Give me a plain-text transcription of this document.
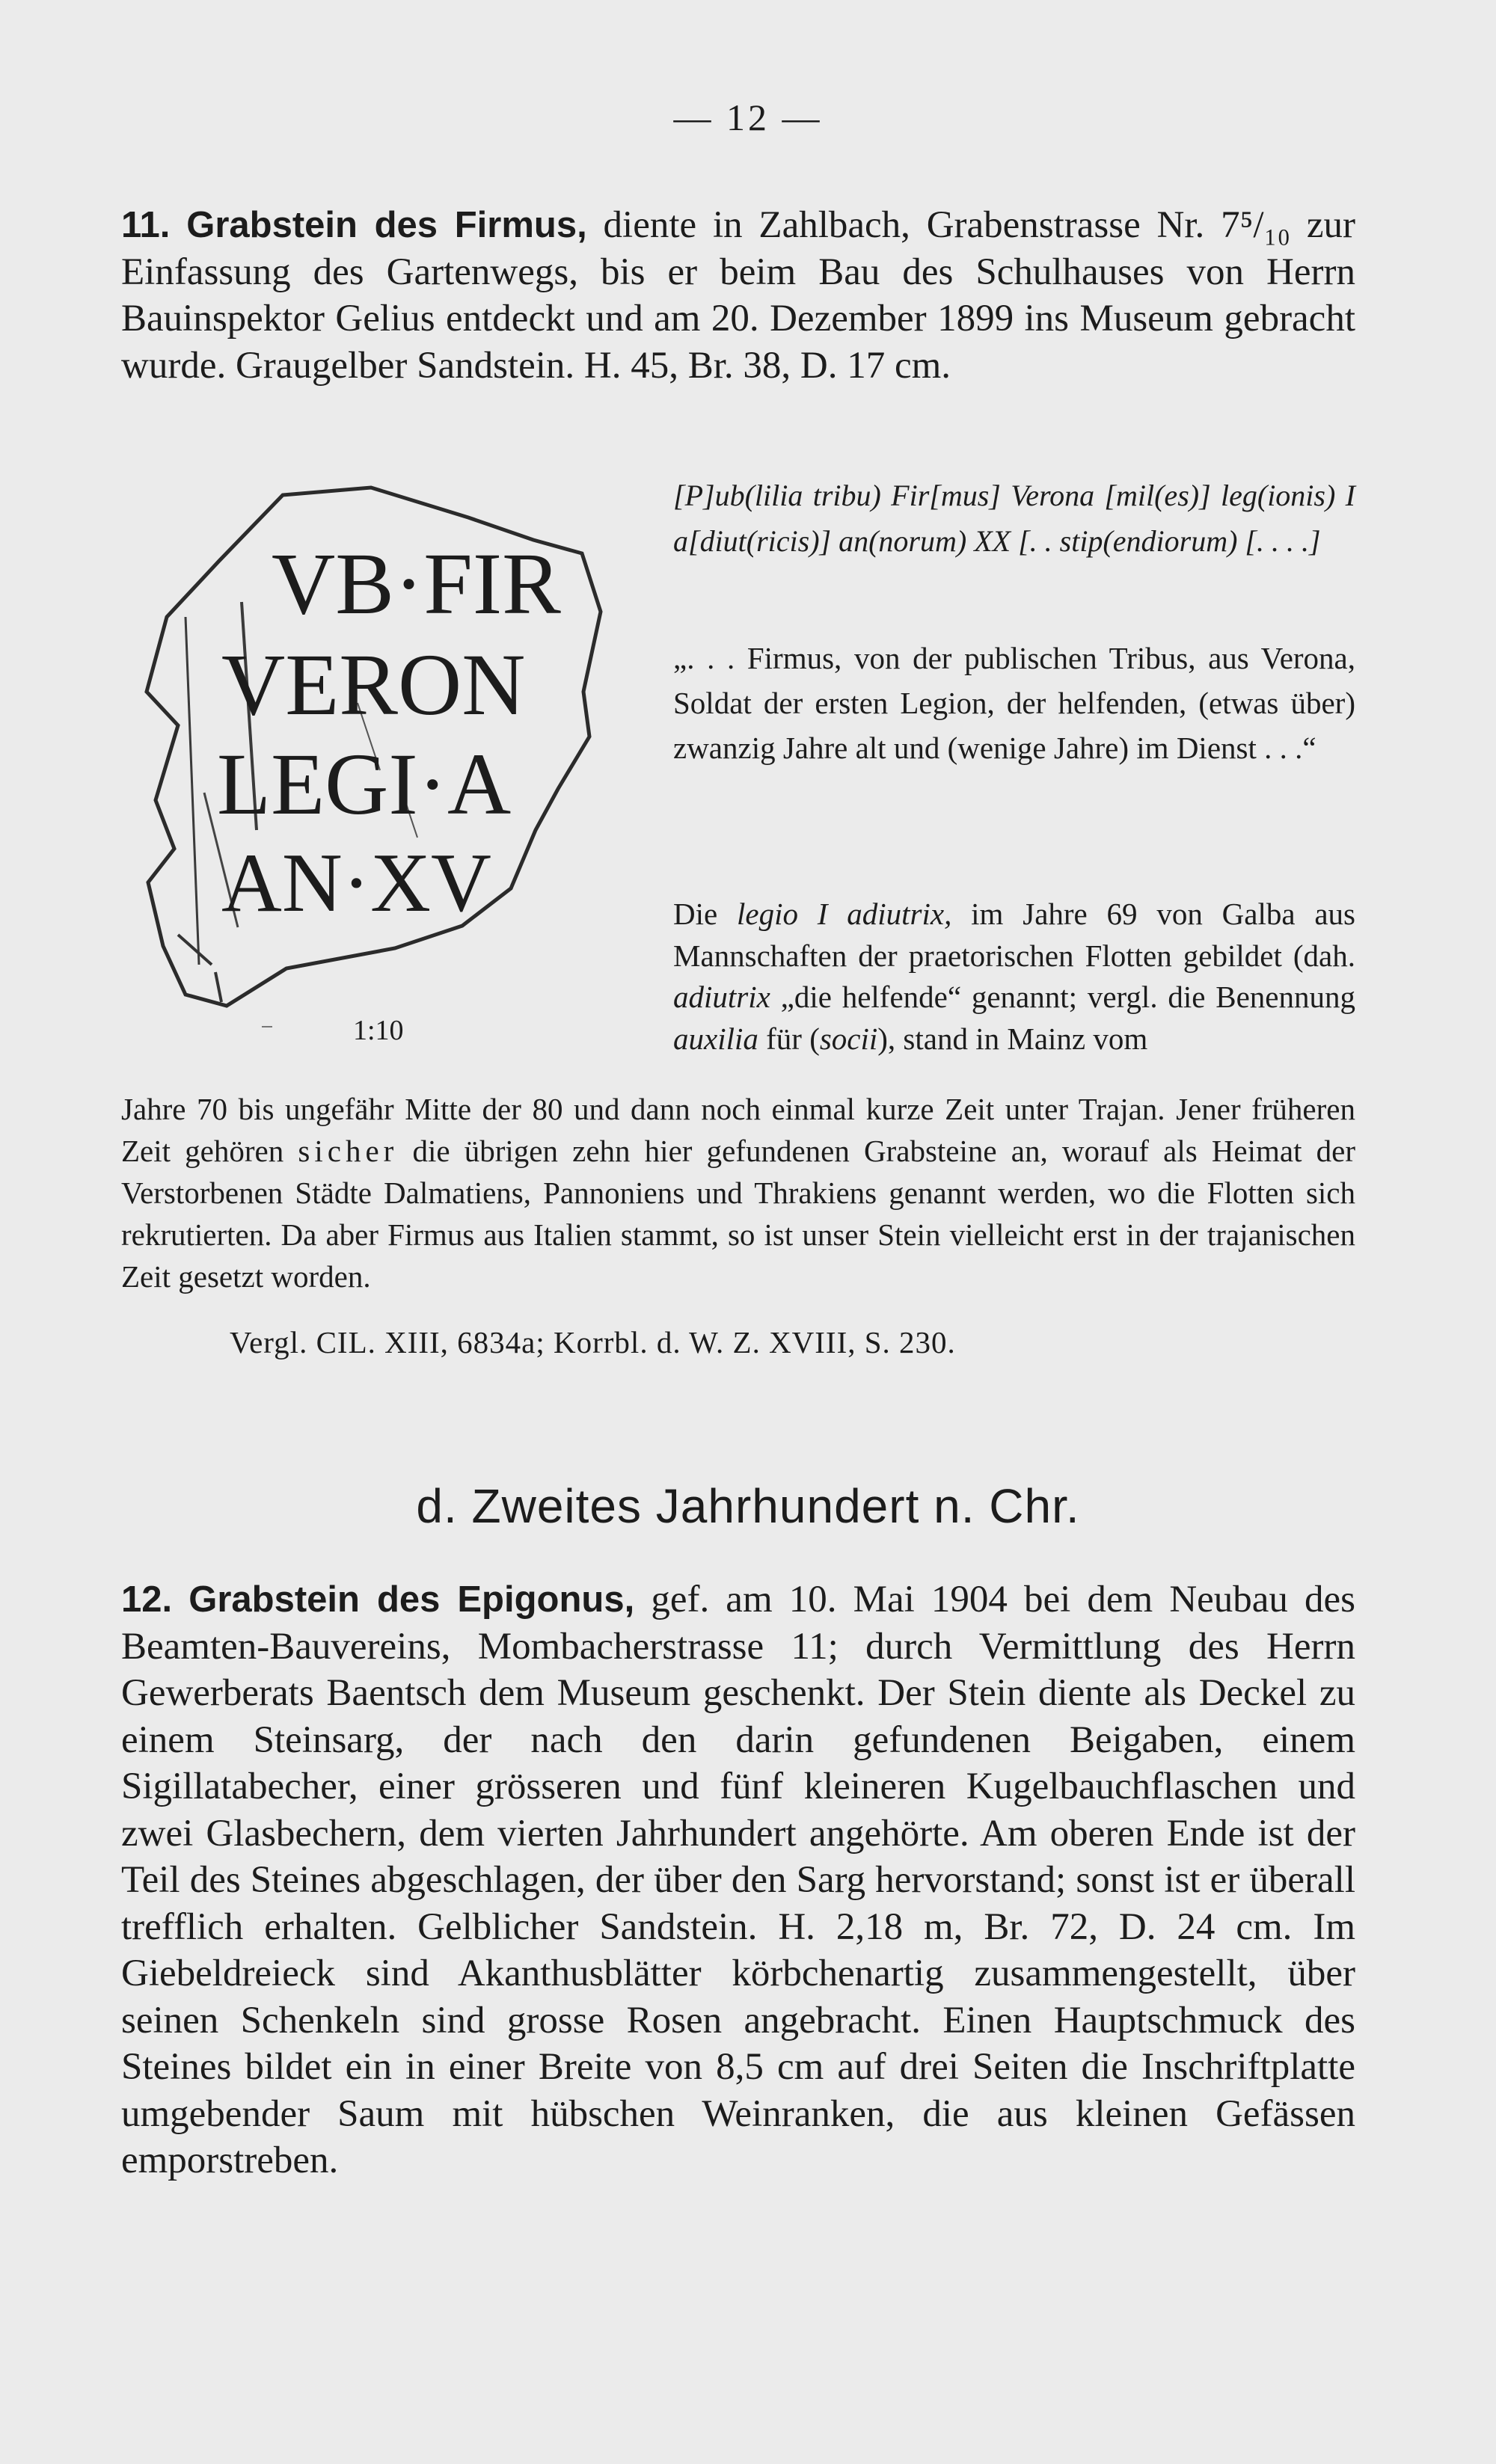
— 12 —

11. Grabstein des Firmus, diente in Zahlbach, Grabenstrasse Nr. 7⁵/₁₀ zur Einfassung des Gartenwegs, bis er beim Bau des Schulhauses von Herrn Bauinspektor Gelius entdeckt und am 20. Dezember 1899 ins Museum gebracht wurde. Graugelber Sandstein. H. 45, Br. 38, D. 17 cm.

VB·FIR
VERON
LEGI·A
AN·XV

1:10

[P]ub(lilia tribu) Fir[mus] Verona [mil(es)] leg(ionis) I a[diut(ricis)] an(norum) XX [. . stip(endiorum) [. . . .]

„. . . Firmus, von der publischen Tribus, aus Verona, Soldat der ersten Legion, der helfenden, (etwas über) zwanzig Jahre alt und (wenige Jahre) im Dienst . . .“

Die legio I adiutrix, im Jahre 69 von Galba aus Mannschaften der praetorischen Flotten gebildet (dah. adiutrix „die helfende“ genannt; vergl. die Benennung auxilia für (socii), stand in Mainz vom

Jahre 70 bis ungefähr Mitte der 80 und dann noch einmal kurze Zeit unter Trajan. Jener früheren Zeit gehören sicher die übrigen zehn hier gefundenen Grabsteine an, worauf als Heimat der Verstorbenen Städte Dalmatiens, Pannoniens und Thrakiens genannt werden, wo die Flotten sich rekrutierten. Da aber Firmus aus Italien stammt, so ist unser Stein vielleicht erst in der trajanischen Zeit gesetzt worden.

Vergl. CIL. XIII, 6834a; Korrbl. d. W. Z. XVIII, S. 230.

d. Zweites Jahrhundert n. Chr.

12. Grabstein des Epigonus, gef. am 10. Mai 1904 bei dem Neubau des Beamten-Bauvereins, Mombacherstrasse 11; durch Vermittlung des Herrn Gewerberats Baentsch dem Museum geschenkt. Der Stein diente als Deckel zu einem Steinsarg, der nach den darin gefundenen Beigaben, einem Sigillatabecher, einer grösseren und fünf kleineren Kugelbauchflaschen und zwei Glasbechern, dem vierten Jahrhundert angehörte. Am oberen Ende ist der Teil des Steines abgeschlagen, der über den Sarg hervorstand; sonst ist er überall trefflich erhalten. Gelblicher Sandstein. H. 2,18 m, Br. 72, D. 24 cm. Im Giebeldreieck sind Akanthusblätter körbchenartig zusammengestellt, über seinen Schenkeln sind grosse Rosen angebracht. Einen Hauptschmuck des Steines bildet ein in einer Breite von 8,5 cm auf drei Seiten die Inschriftplatte umgebender Saum mit hübschen Weinranken, die aus kleinen Gefässen emporstreben.
